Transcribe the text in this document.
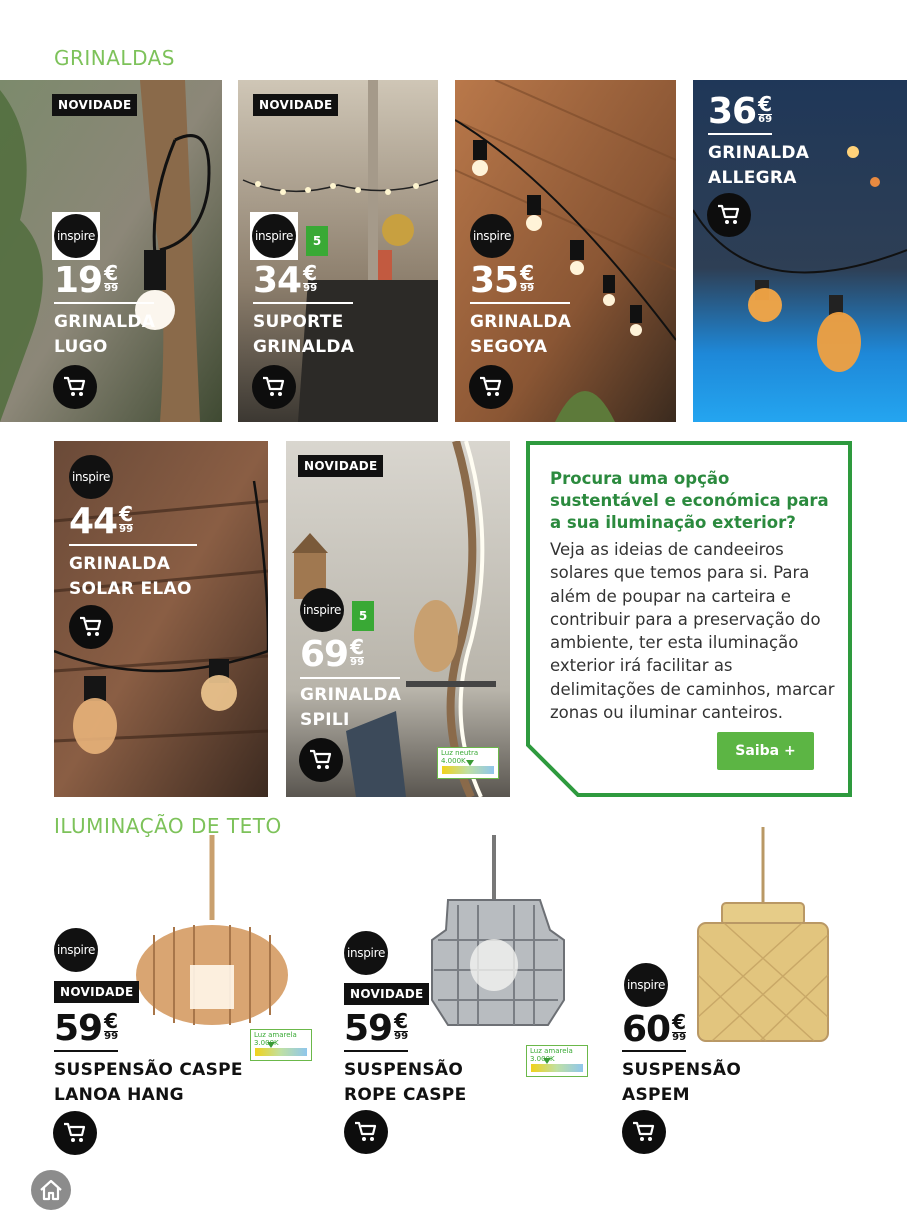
GRINALDAS
NOVIDADE
inspire
19 €
99
GRINALDA
LUGO
NOVIDADE
inspire 5
34 €
99
SUPORTE
GRINALDA
inspire
35 €
99
GRINALDA
SEGOYA
36 €
69
GRINALDA
ALLEGRA
inspire
44 €
99
GRINALDA
SOLAR ELAO
NOVIDADE
inspire 5
69 €
99
GRINALDA
SPILI
Luz neutra
4.000K
Procura uma opção sustentável e económica para a sua iluminação exterior?
Veja as ideias de candeeiros solares que temos para si. Para além de poupar na carteira e contribuir para a preservação do ambiente, ter esta iluminação exterior irá facilitar as delimitações de caminhos, marcar zonas ou iluminar canteiros.
Saiba +
ILUMINAÇÃO DE TETO
inspire
NOVIDADE
59 €
99
SUSPENSÃO CASPE
LANOA HANG
Luz amarela
3.000K
inspire
NOVIDADE
59 €
99
SUSPENSÃO
ROPE CASPE
Luz amarela
3.000K
inspire
60 €
99
SUSPENSÃO
ASPEM
